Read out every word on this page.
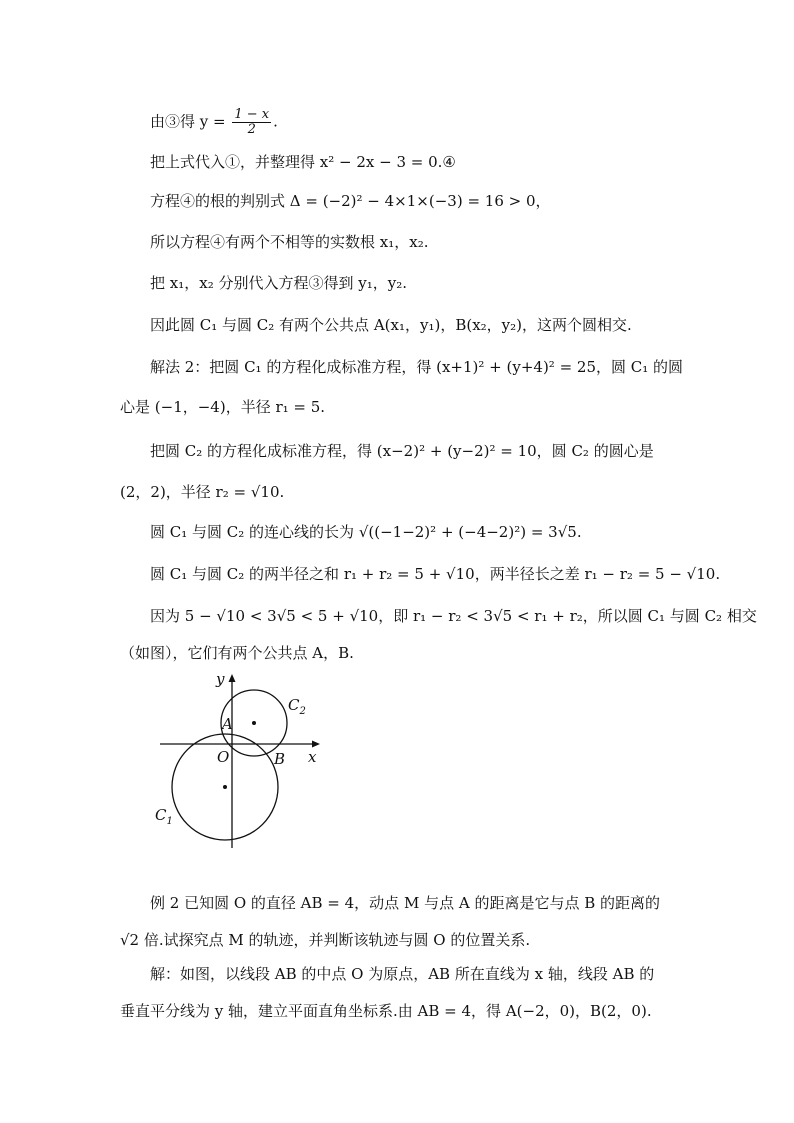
由③得 $y = \frac{1 - x}{2}$ .
把上式代入①，并整理得 x² − 2x − 3 = 0.④
方程④的根的判别式 Δ = (−2)² − 4×1×(−3) = 16 > 0，
所以方程④有两个不相等的实数根 x₁，x₂.
把 x₁，x₂ 分别代入方程③得到 y₁，y₂.
因此圆 C₁ 与圆 C₂ 有两个公共点 A(x₁，y₁)，B(x₂，y₂)，这两个圆相交.
解法 2：把圆 C₁ 的方程化成标准方程，得 (x+1)² + (y+4)² = 25，圆 C₁ 的圆
心是 (−1，−4)，半径 r₁ = 5.
把圆 C₂ 的方程化成标准方程，得 (x−2)² + (y−2)² = 10，圆 C₂ 的圆心是
(2，2)，半径 r₂ = √10.
圆 C₁ 与圆 C₂ 的连心线的长为 √((−1−2)² + (−4−2)²) = 3√5.
圆 C₁ 与圆 C₂ 的两半径之和 r₁ + r₂ = 5 + √10，两半径长之差 r₁ − r₂ = 5 − √10.
因为 5 − √10 < 3√5 < 5 + √10，即 r₁ − r₂ < 3√5 < r₁ + r₂，所以圆 C₁ 与圆 C₂ 相交
（如图），它们有两个公共点 A，B.
y
x
O
A
B
$C_1$
$C_2$
例 2 已知圆 O 的直径 AB = 4，动点 M 与点 A 的距离是它与点 B 的距离的
√2 倍.试探究点 M 的轨迹，并判断该轨迹与圆 O 的位置关系.
解：如图，以线段 AB 的中点 O 为原点，AB 所在直线为 x 轴，线段 AB 的
垂直平分线为 y 轴，建立平面直角坐标系.由 AB = 4，得 A(−2，0)，B(2，0).
